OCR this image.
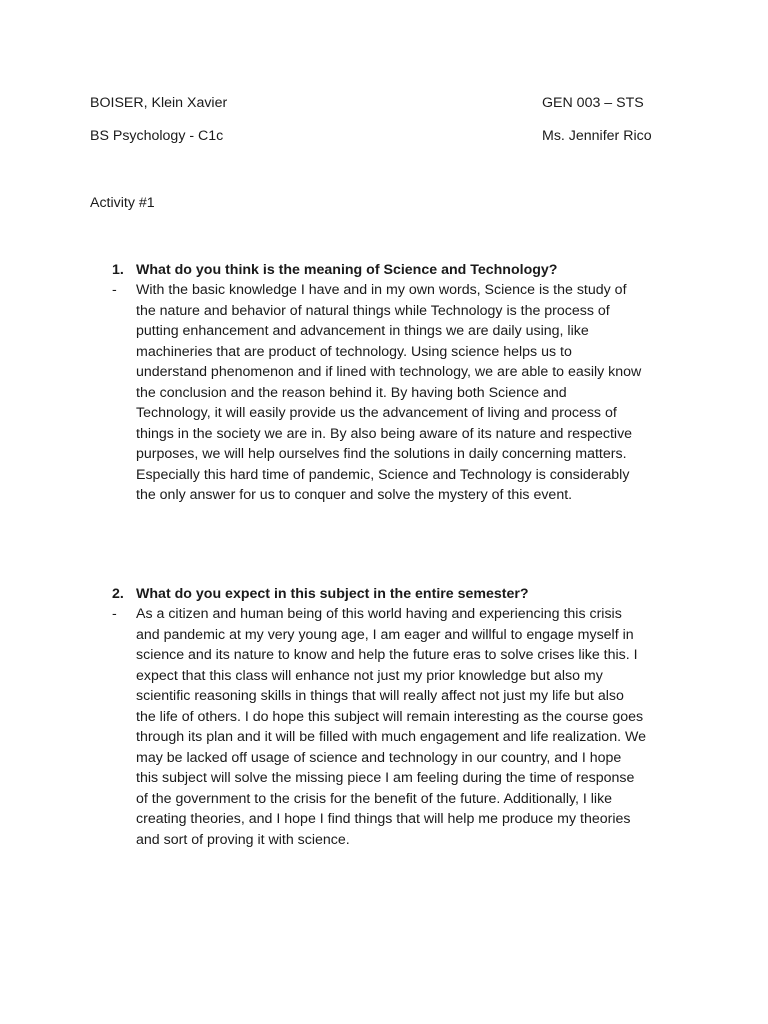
BOISER, Klein Xavier	GEN 003 – STS
BS Psychology - C1c	Ms. Jennifer Rico
Activity #1
1. What do you think is the meaning of Science and Technology?
-	With the basic knowledge I have and in my own words, Science is the study of
the nature and behavior of natural things while Technology is the process of
putting enhancement and advancement in things we are daily using, like
machineries that are product of technology. Using science helps us to
understand phenomenon and if lined with technology, we are able to easily know
the conclusion and the reason behind it. By having both Science and
Technology, it will easily provide us the advancement of living and process of
things in the society we are in. By also being aware of its nature and respective
purposes, we will help ourselves find the solutions in daily concerning matters.
Especially this hard time of pandemic, Science and Technology is considerably
the only answer for us to conquer and solve the mystery of this event.
2. What do you expect in this subject in the entire semester?
-	As a citizen and human being of this world having and experiencing this crisis
and pandemic at my very young age, I am eager and willful to engage myself in
science and its nature to know and help the future eras to solve crises like this. I
expect that this class will enhance not just my prior knowledge but also my
scientific reasoning skills in things that will really affect not just my life but also
the life of others. I do hope this subject will remain interesting as the course goes
through its plan and it will be filled with much engagement and life realization. We
may be lacked off usage of science and technology in our country, and I hope
this subject will solve the missing piece I am feeling during the time of response
of the government to the crisis for the benefit of the future. Additionally, I like
creating theories, and I hope I find things that will help me produce my theories
and sort of proving it with science.
